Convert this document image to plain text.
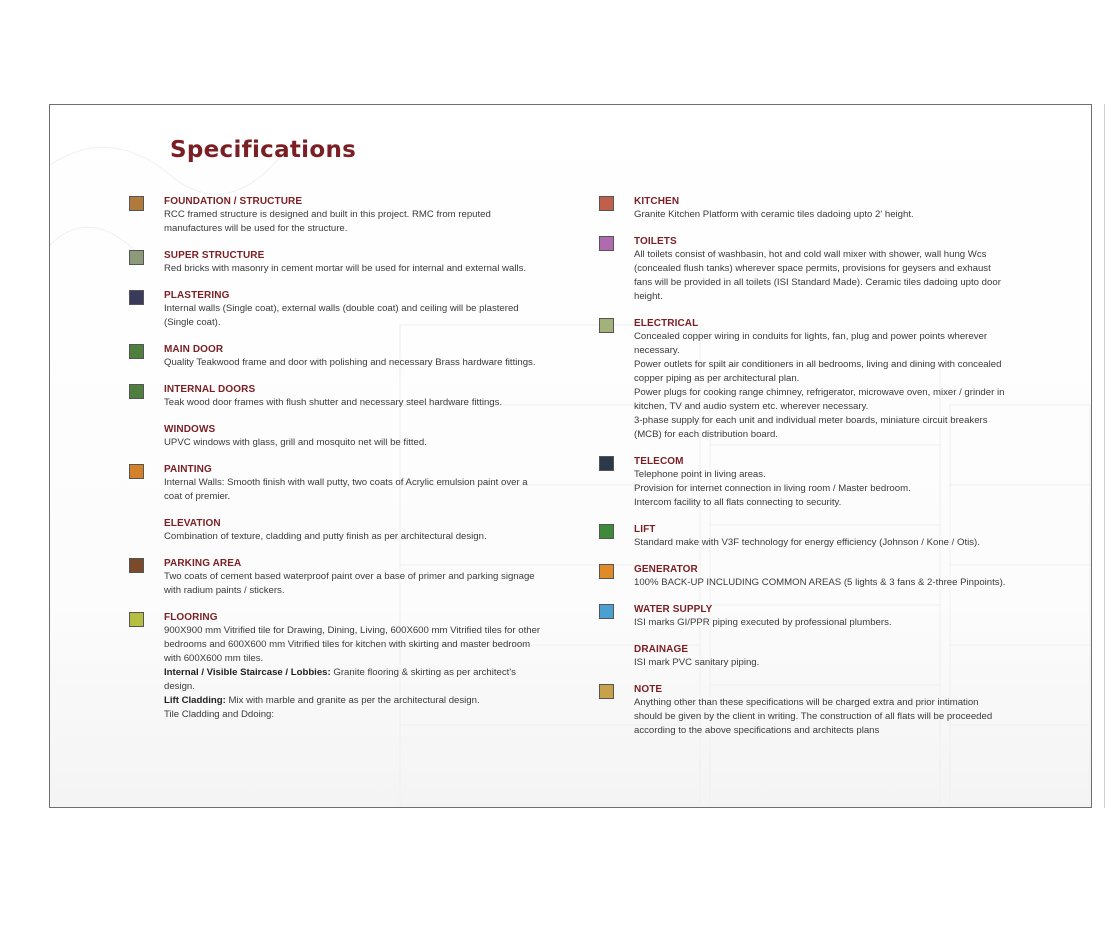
Specifications
FOUNDATION / STRUCTURE
RCC framed structure is designed and built in this project. RMC from reputed manufactures will be used for the structure.
SUPER STRUCTURE
Red bricks with masonry in cement mortar will be used for internal and external walls.
PLASTERING
Internal walls (Single coat), external walls (double coat) and ceiling will be plastered (Single coat).
MAIN DOOR
Quality Teakwood frame and door with polishing and necessary Brass hardware fittings.
INTERNAL DOORS
Teak wood door frames with flush shutter and necessary steel hardware fittings.
WINDOWS
UPVC windows with glass, grill and mosquito net will be fitted.
PAINTING
Internal Walls: Smooth finish with wall putty, two coats of Acrylic emulsion paint over a coat of premier.
ELEVATION
Combination of texture, cladding and putty finish as per architectural design.
PARKING AREA
Two coats of cement based waterproof paint over a base of primer and parking signage with radium paints / stickers.
FLOORING
900X900 mm Vitrified tile for Drawing, Dining, Living, 600X600 mm Vitrified tiles for other bedrooms and 600X600 mm Vitrified tiles for kitchen with skirting and master bedroom with 600X600 mm tiles.
Internal / Visible Staircase / Lobbies: Granite flooring & skirting as per architect's design.
Lift Cladding: Mix with marble and granite as per the architectural design.
Tile Cladding and Ddoing:
KITCHEN
Granite Kitchen Platform with ceramic tiles dadoing upto 2' height.
TOILETS
All toilets consist of washbasin, hot and cold wall mixer with shower, wall hung Wcs (concealed flush tanks) wherever space permits, provisions for geysers and exhaust fans will be provided in all toilets (ISI Standard Made). Ceramic tiles dadoing upto door height.
ELECTRICAL
Concealed copper wiring in conduits for lights, fan, plug and power points wherever necessary.
Power outlets for spilt air conditioners in all bedrooms, living and dining with concealed copper piping as per architectural plan.
Power plugs for cooking range chimney, refrigerator, microwave oven, mixer / grinder in kitchen, TV and audio system etc. wherever necessary.
3-phase supply for each unit and individual meter boards, miniature circuit breakers (MCB) for each distribution board.
TELECOM
Telephone point in living areas.
Provision for internet connection in living room / Master bedroom.
Intercom facility to all flats connecting to security.
LIFT
Standard make with V3F technology for energy efficiency (Johnson / Kone / Otis).
GENERATOR
100% BACK-UP INCLUDING COMMON AREAS (5 lights & 3 fans & 2-three Pinpoints).
WATER SUPPLY
ISI marks GI/PPR piping executed by professional plumbers.
DRAINAGE
ISI mark PVC sanitary piping.
NOTE
Anything other than these specifications will be charged extra and prior intimation should be given by the client in writing. The construction of all flats will be proceeded according to the above specifications and architects plans
